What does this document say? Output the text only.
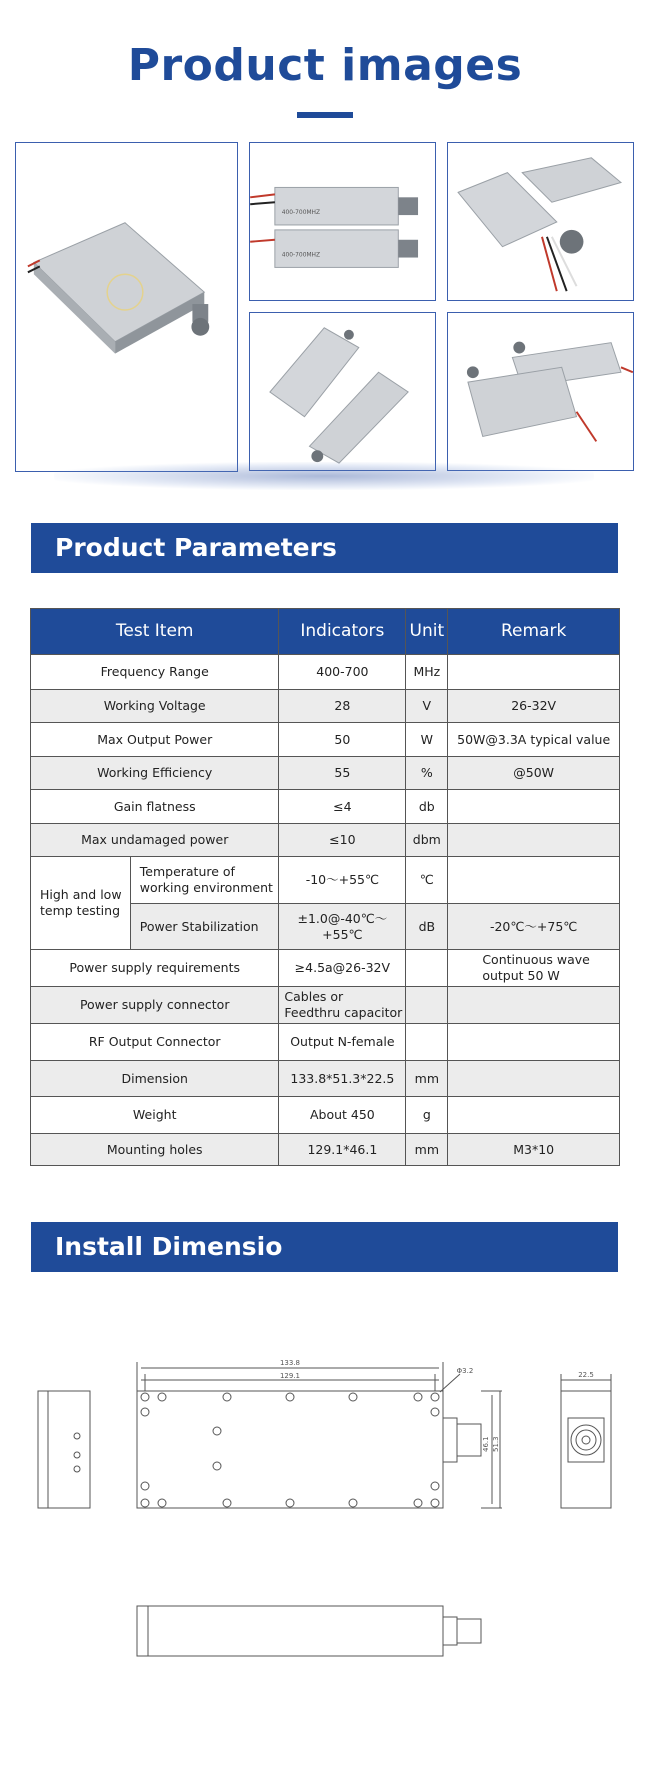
Product images
400-700MHZ
400-700MHZ
Product Parameters
Test Item		Indicators	Unit	Remark
Frequency Range		400-700	MHz	
Working Voltage		28	V	26-32V
Max Output Power		50	W	50W@3.3A typical value
Working Efficiency		55	%	@50W
Gain flatness		≤4	db	
Max undamaged power		≤10	dbm	
High and low temp testing	Temperature of working environment	-10～+55℃	℃	
	Power Stabilization	±1.0@-40℃～+55℃	dB	-20℃～+75℃
Power supply requirements		≥4.5a@26-32V		Continuous wave output 50 W
Power supply connector		Cables or Feedthru capacitor		
RF Output Connector		Output N-female		
Dimension		133.8*51.3*22.5	mm	
Weight		About 450	g	
Mounting holes		129.1*46.1	mm	M3*10
Install Dimensio
133.8
129.1
Φ3.2
46.1 51.3
22.5
